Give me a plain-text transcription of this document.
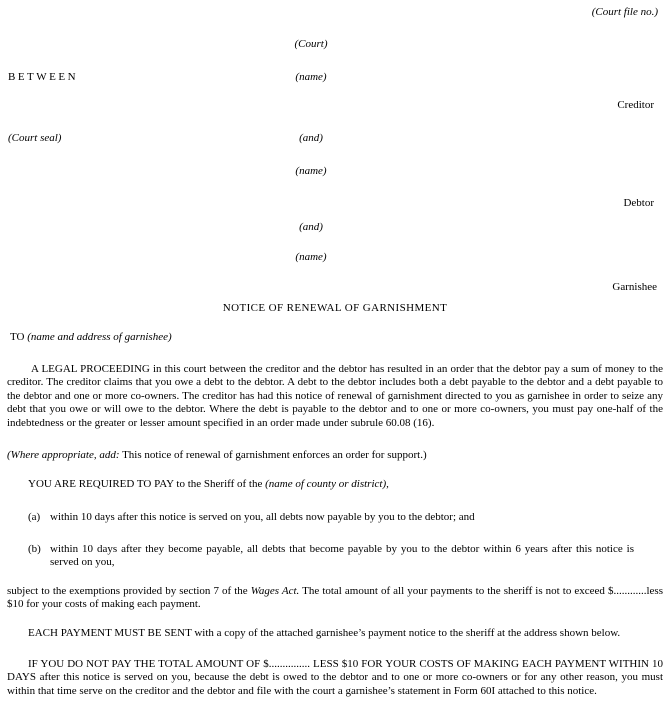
(Court file no.)
(Court)
BETWEEN	(name)
Creditor
(Court seal)	(and)
(name)
Debtor
(and)
(name)
Garnishee
NOTICE OF RENEWAL OF GARNISHMENT
TO (name and address of garnishee)
A LEGAL PROCEEDING in this court between the creditor and the debtor has resulted in an order that the debtor pay a sum of money to the creditor. The creditor claims that you owe a debt to the debtor. A debt to the debtor includes both a debt payable to the debtor and a debt payable to the debtor and one or more co-owners. The creditor has had this notice of renewal of garnishment directed to you as garnishee in order to seize any debt that you owe or will owe to the debtor. Where the debt is payable to the debtor and to one or more co-owners, you must pay one-half of the indebtedness or the greater or lesser amount specified in an order made under subrule 60.08 (16).
(Where appropriate, add: This notice of renewal of garnishment enforces an order for support.)
YOU ARE REQUIRED TO PAY to the Sheriff of the (name of county or district),
(a) within 10 days after this notice is served on you, all debts now payable by you to the debtor; and
(b) within 10 days after they become payable, all debts that become payable by you to the debtor within 6 years after this notice is served on you,
subject to the exemptions provided by section 7 of the Wages Act. The total amount of all your payments to the sheriff is not to exceed $............less $10 for your costs of making each payment.
EACH PAYMENT MUST BE SENT with a copy of the attached garnishee’s payment notice to the sheriff at the address shown below.
IF YOU DO NOT PAY THE TOTAL AMOUNT OF $............... LESS $10 FOR YOUR COSTS OF MAKING EACH PAYMENT WITHIN 10 DAYS after this notice is served on you, because the debt is owed to the debtor and to one or more co-owners or for any other reason, you must within that time serve on the creditor and the debtor and file with the court a garnishee’s statement in Form 60I attached to this notice.
